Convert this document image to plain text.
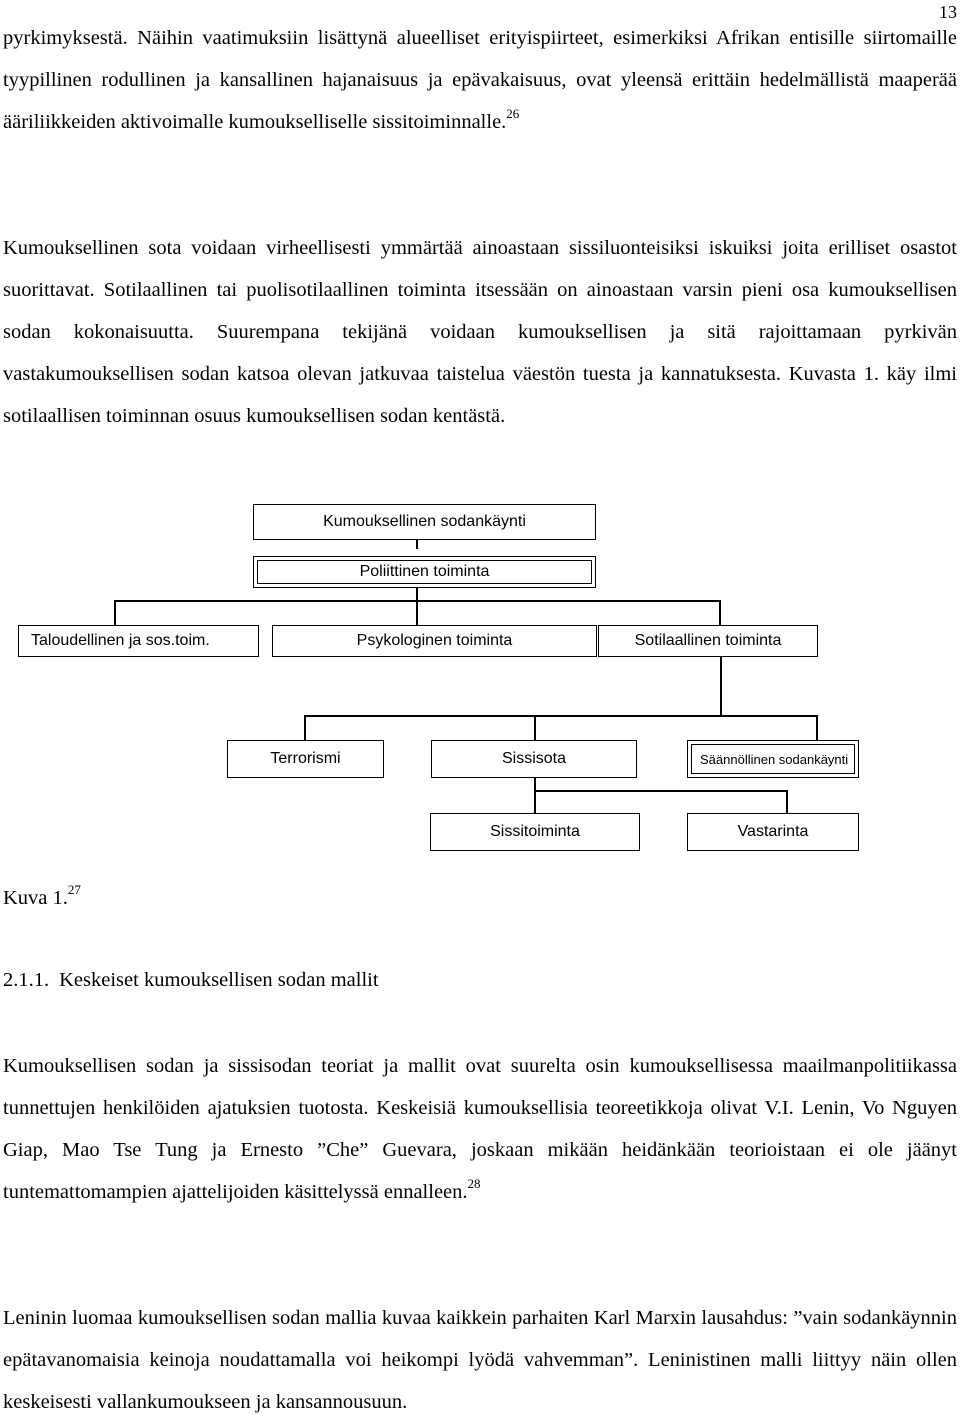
13

pyrkimyksestä. Näihin vaatimuksiin lisättynä alueelliset erityispiirteet, esimerkiksi Afrikan entisille siirtomaille tyypillinen rodullinen ja kansallinen hajanaisuus ja epävakaisuus, ovat yleensä erittäin hedelmällistä maaperää ääriliikkeiden aktivoimalle kumoukselliselle sissitoiminnalle.$^{26}$

Kumouksellinen sota voidaan virheellisesti ymmärtää ainoastaan sissiluonteisiksi iskuiksi joita erilliset osastot suorittavat. Sotilaallinen tai puolisotilaallinen toiminta itsessään on ainoastaan varsin pieni osa kumouksellisen sodan kokonaisuutta. Suurempana tekijänä voidaan kumouksellisen ja sitä rajoittamaan pyrkivän vastakumouksellisen sodan katsoa olevan jatkuvaa taistelua väestön tuesta ja kannatuksesta. Kuvasta 1. käy ilmi sotilaallisen toiminnan osuus kumouksellisen sodan kentästä.

Kumouksellinen sodankäynti
Poliittinen toiminta
Taloudellinen ja sos.toim.	Psykologinen toiminta	Sotilaallinen toiminta
Terrorismi	Sissisota	Säännöllinen sodankäynti
Sissitoiminta	Vastarinta
Kuva 1.27
2.1.1. Keskeiset kumouksellisen sodan mallit

Kumouksellisen sodan ja sissisodan teoriat ja mallit ovat suurelta osin kumouksellisessa maailmanpolitiikassa tunnettujen henkilöiden ajatuksien tuotosta. Keskeisiä kumouksellisia teoreetikkoja olivat V.I. Lenin, Vo Nguyen Giap, Mao Tse Tung ja Ernesto ”Che” Guevara, joskaan mikään heidänkään teorioistaan ei ole jäänyt tuntemattomampien ajattelijoiden käsittelyssä ennalleen.$^{28}$

Leninin luomaa kumouksellisen sodan mallia kuvaa kaikkein parhaiten Karl Marxin lausahdus: ”vain sodankäynnin epätavanomaisia keinoja noudattamalla voi heikompi lyödä vahvemman”. Leninistinen malli liittyy näin ollen keskeisesti vallankumoukseen ja kansannousuun.
